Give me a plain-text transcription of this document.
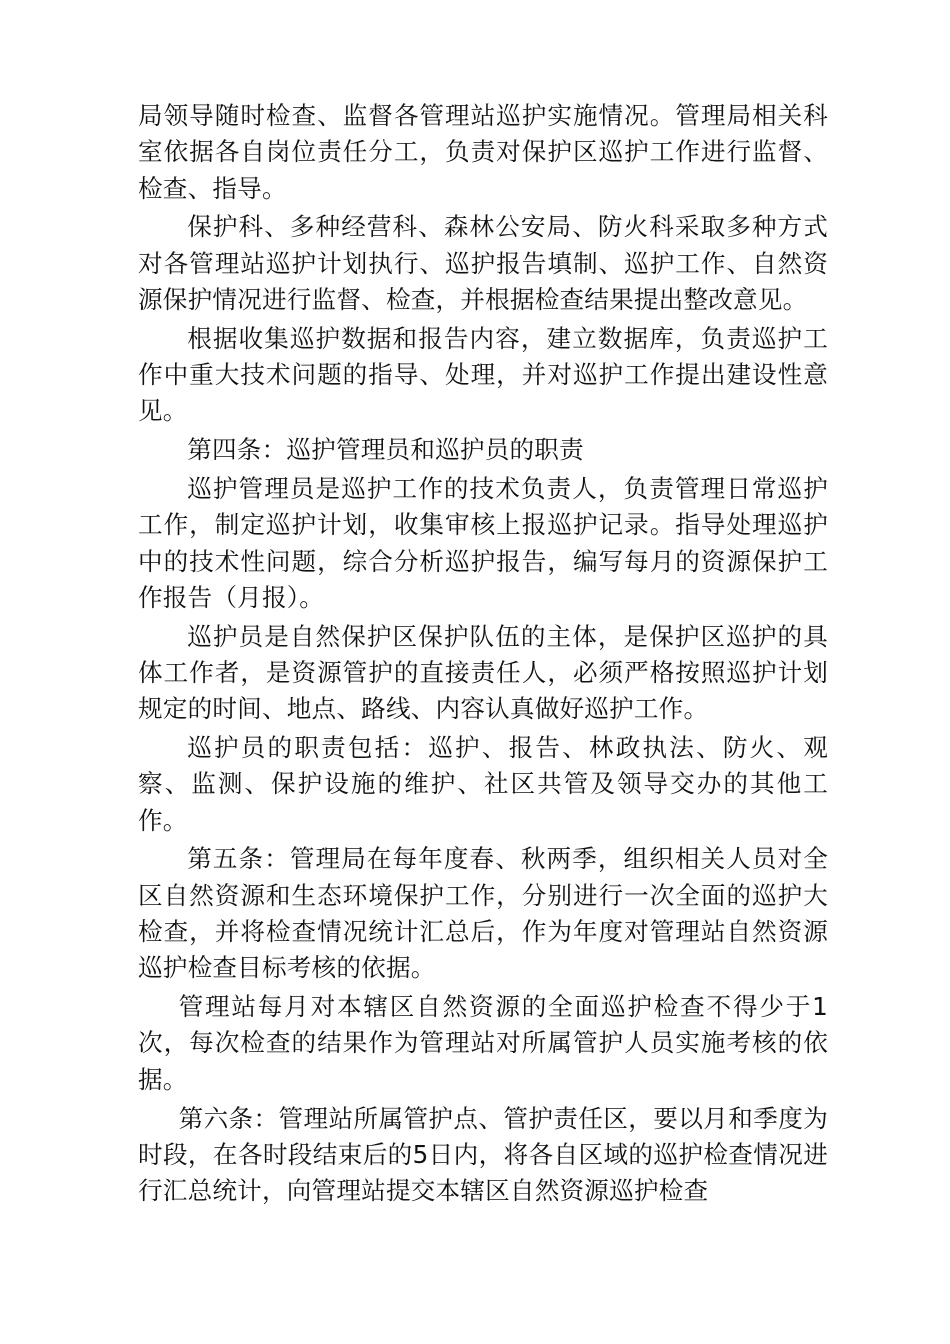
局领导随时检查、监督各管理站巡护实施情况。管理局相关科室依据各自岗位责任分工，负责对保护区巡护工作进行监督、检查、指导。

保护科、多种经营科、森林公安局、防火科采取多种方式对各管理站巡护计划执行、巡护报告填制、巡护工作、自然资源保护情况进行监督、检查，并根据检查结果提出整改意见。

根据收集巡护数据和报告内容，建立数据库，负责巡护工作中重大技术问题的指导、处理，并对巡护工作提出建设性意见。

第四条：巡护管理员和巡护员的职责

巡护管理员是巡护工作的技术负责人，负责管理日常巡护工作，制定巡护计划，收集审核上报巡护记录。指导处理巡护中的技术性问题，综合分析巡护报告，编写每月的资源保护工作报告（月报）。

巡护员是自然保护区保护队伍的主体，是保护区巡护的具体工作者，是资源管护的直接责任人，必须严格按照巡护计划规定的时间、地点、路线、内容认真做好巡护工作。

巡护员的职责包括：巡护、报告、林政执法、防火、观察、监测、保护设施的维护、社区共管及领导交办的其他工作。

第五条：管理局在每年度春、秋两季，组织相关人员对全区自然资源和生态环境保护工作，分别进行一次全面的巡护大检查，并将检查情况统计汇总后，作为年度对管理站自然资源巡护检查目标考核的依据。

管理站每月对本辖区自然资源的全面巡护检查不得少于1次，每次检查的结果作为管理站对所属管护人员实施考核的依据。

第六条：管理站所属管护点、管护责任区，要以月和季度为时段，在各时段结束后的5日内，将各自区域的巡护检查情况进行汇总统计，向管理站提交本辖区自然资源巡护检查
